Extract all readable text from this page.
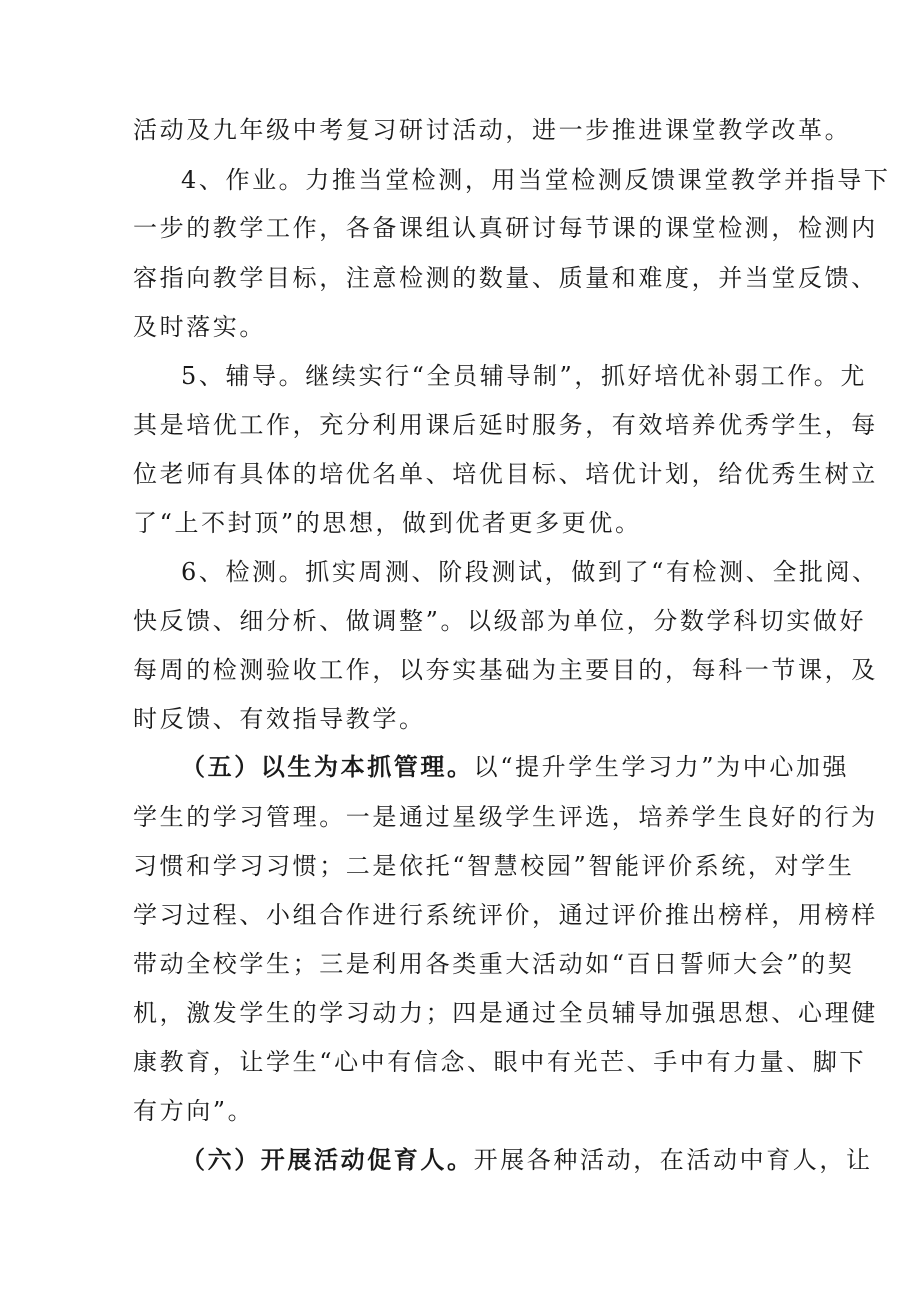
活动及九年级中考复习研讨活动，进一步推进课堂教学改革。
4、作业。力推当堂检测，用当堂检测反馈课堂教学并指导下
一步的教学工作，各备课组认真研讨每节课的课堂检测，检测内
容指向教学目标，注意检测的数量、质量和难度，并当堂反馈、
及时落实。
5、辅导。继续实行“全员辅导制”，抓好培优补弱工作。尤
其是培优工作，充分利用课后延时服务，有效培养优秀学生，每
位老师有具体的培优名单、培优目标、培优计划，给优秀生树立
了“上不封顶”的思想，做到优者更多更优。
6、检测。抓实周测、阶段测试，做到了“有检测、全批阅、
快反馈、细分析、做调整”。以级部为单位，分数学科切实做好
每周的检测验收工作，以夯实基础为主要目的，每科一节课，及
时反馈、有效指导教学。
（五）以生为本抓管理。以“提升学生学习力”为中心加强
学生的学习管理。一是通过星级学生评选，培养学生良好的行为
习惯和学习习惯；二是依托“智慧校园”智能评价系统，对学生
学习过程、小组合作进行系统评价，通过评价推出榜样，用榜样
带动全校学生；三是利用各类重大活动如“百日誓师大会”的契
机，激发学生的学习动力；四是通过全员辅导加强思想、心理健
康教育，让学生“心中有信念、眼中有光芒、手中有力量、脚下
有方向”。
（六）开展活动促育人。开展各种活动，在活动中育人，让
